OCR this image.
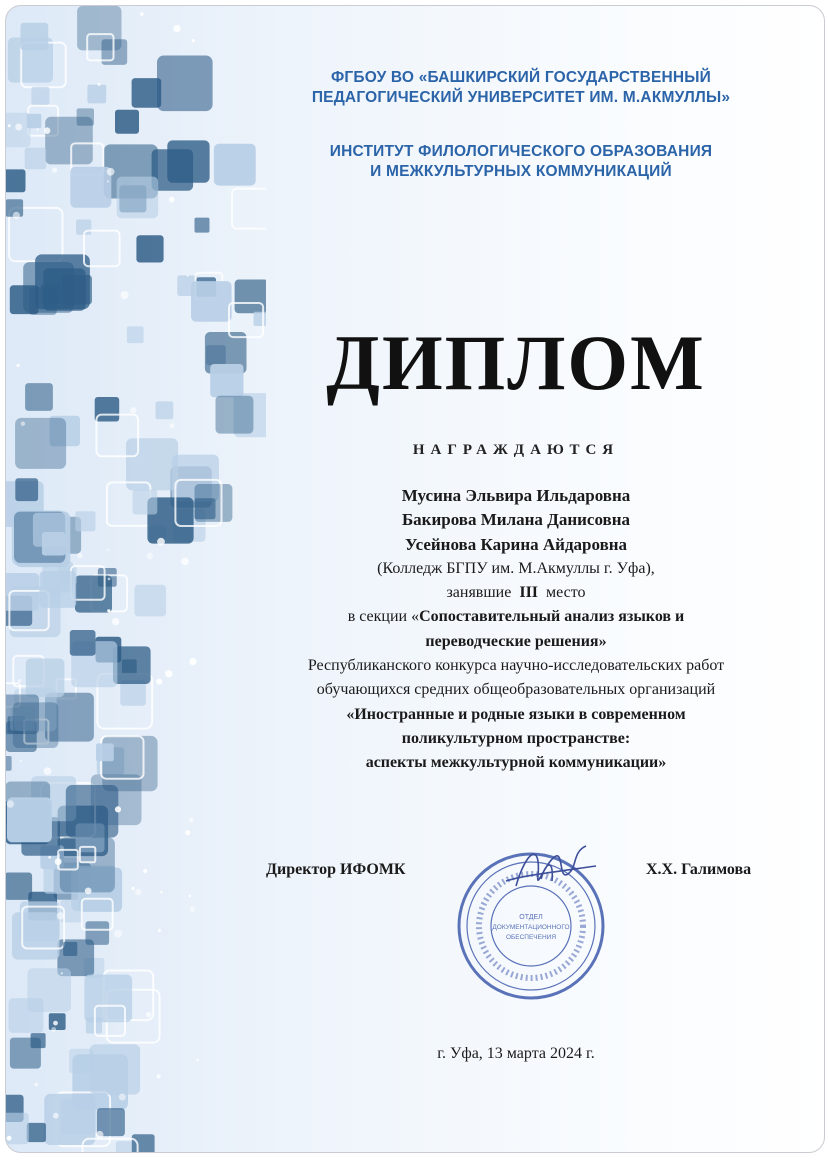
ФГБОУ ВО «БАШКИРСКИЙ ГОСУДАРСТВЕННЫЙ
ПЕДАГОГИЧЕСКИЙ УНИВЕРСИТЕТ ИМ. М.АКМУЛЛЫ»
ИНСТИТУТ ФИЛОЛОГИЧЕСКОГО ОБРАЗОВАНИЯ
И МЕЖКУЛЬТУРНЫХ КОММУНИКАЦИЙ
ДИПЛОМ
НАГРАЖДАЮТСЯ
Мусина Эльвира Ильдаровна
Бакирова Милана Данисовна
Усейнова Карина Айдаровна
(Колледж БГПУ им. М.Акмуллы г. Уфа),
занявшие III место
в секции «Сопоставительный анализ языков и
переводческие решения»
Республиканского конкурса научно-исследовательских работ
обучающихся средних общеобразовательных организаций
«Иностранные и родные языки в современном
поликультурном пространстве:
аспекты межкультурной коммуникации»
Директор ИФОМК
ОТДЕЛ
ДОКУМЕНТАЦИОННОГО
ОБЕСПЕЧЕНИЯ
Х.Х. Галимова
г. Уфа, 13 марта 2024 г.
